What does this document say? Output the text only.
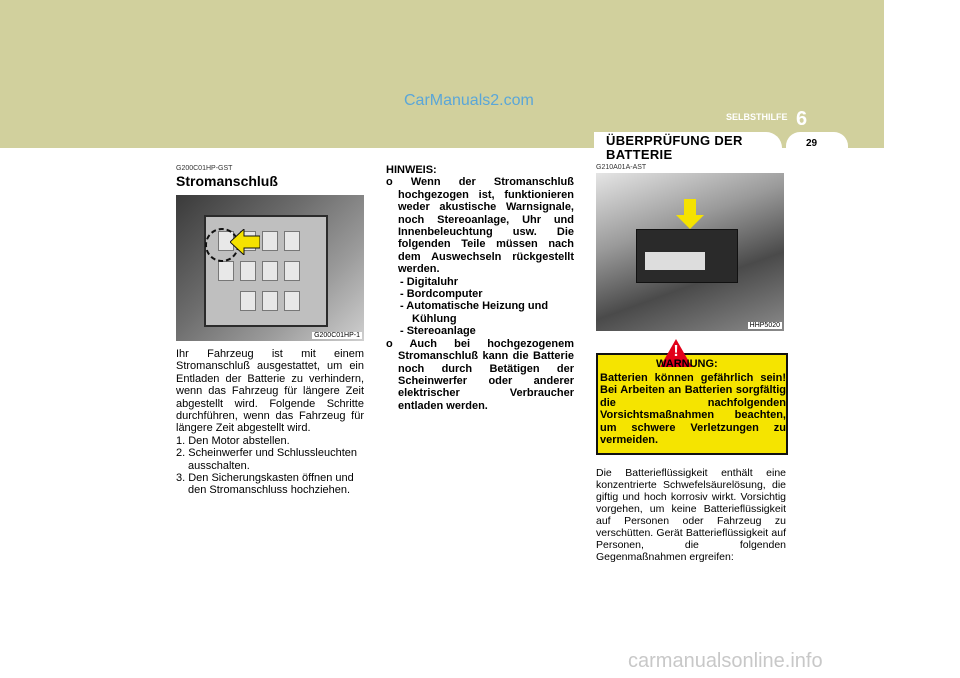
CarManuals2.com
SELBSTHILFE 6
29
ÜBERPRÜFUNG DER BATTERIE
G200C01HP-GST
Stromanschluß
G200C01HP-1
Ihr Fahrzeug ist mit einem Stromanschluß ausgestattet, um ein Entladen der Batterie zu verhindern, wenn das Fahrzeug für längere Zeit abgestellt wird. Folgende Schritte durchführen, wenn das Fahrzeug für längere Zeit abgestellt wird.
1. Den Motor abstellen.
2. Scheinwerfer und Schlussleuchten ausschalten.
3. Den Sicherungskasten öffnen und den Stromanschluss hochziehen.
HINWEIS:
o Wenn der Stromanschluß hochgezogen ist, funktionieren weder akustische Warnsignale, noch Stereoanlage, Uhr und Innenbeleuchtung usw. Die folgenden Teile müssen nach dem Auswechseln rückgestellt werden.
- Digitaluhr
- Bordcomputer
- Automatische Heizung und
Kühlung
- Stereoanlage
o Auch bei hochgezogenem Stromanschluß kann die Batterie noch durch Betätigen der Scheinwerfer oder anderer elektrischer Verbraucher entladen werden.
G210A01A-AST
HHP5020
!
WARNUNG:
Batterien können gefährlich sein! Bei Arbeiten an Batterien sorgfältig die nachfolgenden Vorsichtsmaßnahmen beachten, um schwere Verletzungen zu vermeiden.
Die Batterieflüssigkeit enthält eine konzentrierte Schwefelsäurelösung, die giftig und hoch korrosiv wirkt. Vorsichtig vorgehen, um keine Batterieflüssigkeit auf Personen oder Fahrzeug zu verschütten. Gerät Batterieflüssigkeit auf Personen, die folgenden Gegenmaßnahmen ergreifen:
carmanualsonline.info
